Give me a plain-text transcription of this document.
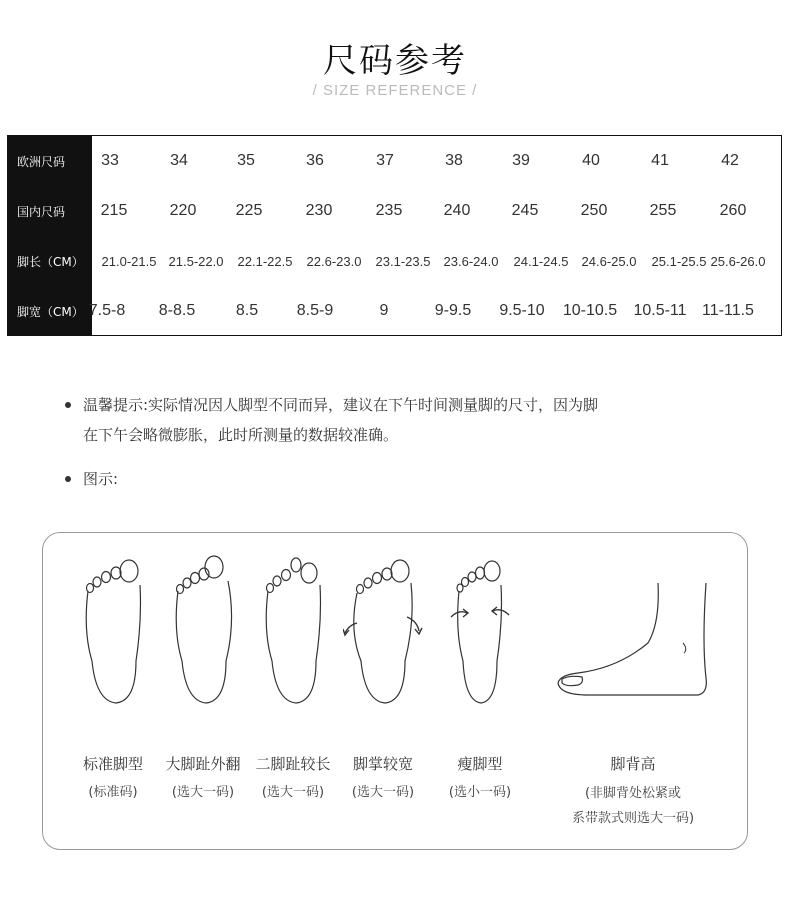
尺码参考
/ SIZE REFERENCE /
欧洲尺码	33	34	35	36	37	38	39	40	41	42
国内尺码	215	220	225	230	235	240	245	250	255	260
脚长（CM）	21.0-21.5 21.5-22.0	22.1-22.5	22.6-23.0	23.1-23.5	23.6-24.0	24.1-24.5	24.6-25.0	25.1-25.5 25.6-26.0
脚宽（CM） 7.5-8	8-8.5	8.5	8.5-9	9	9-9.5	9.5-10	10-10.5	10.5-11 11-11.5
温馨提示:实际情况因人脚型不同而异，建议在下午时间测量脚的尺寸，因为脚
在下午会略微膨胀，此时所测量的数据较准确。
图示:
标准脚型
(标准码)
大脚趾外翻
(选大一码)
二脚趾较长
(选大一码)
脚掌较宽
(选大一码)
瘦脚型
(选小一码)
脚背高
(非脚背处松紧或
系带款式则选大一码)
